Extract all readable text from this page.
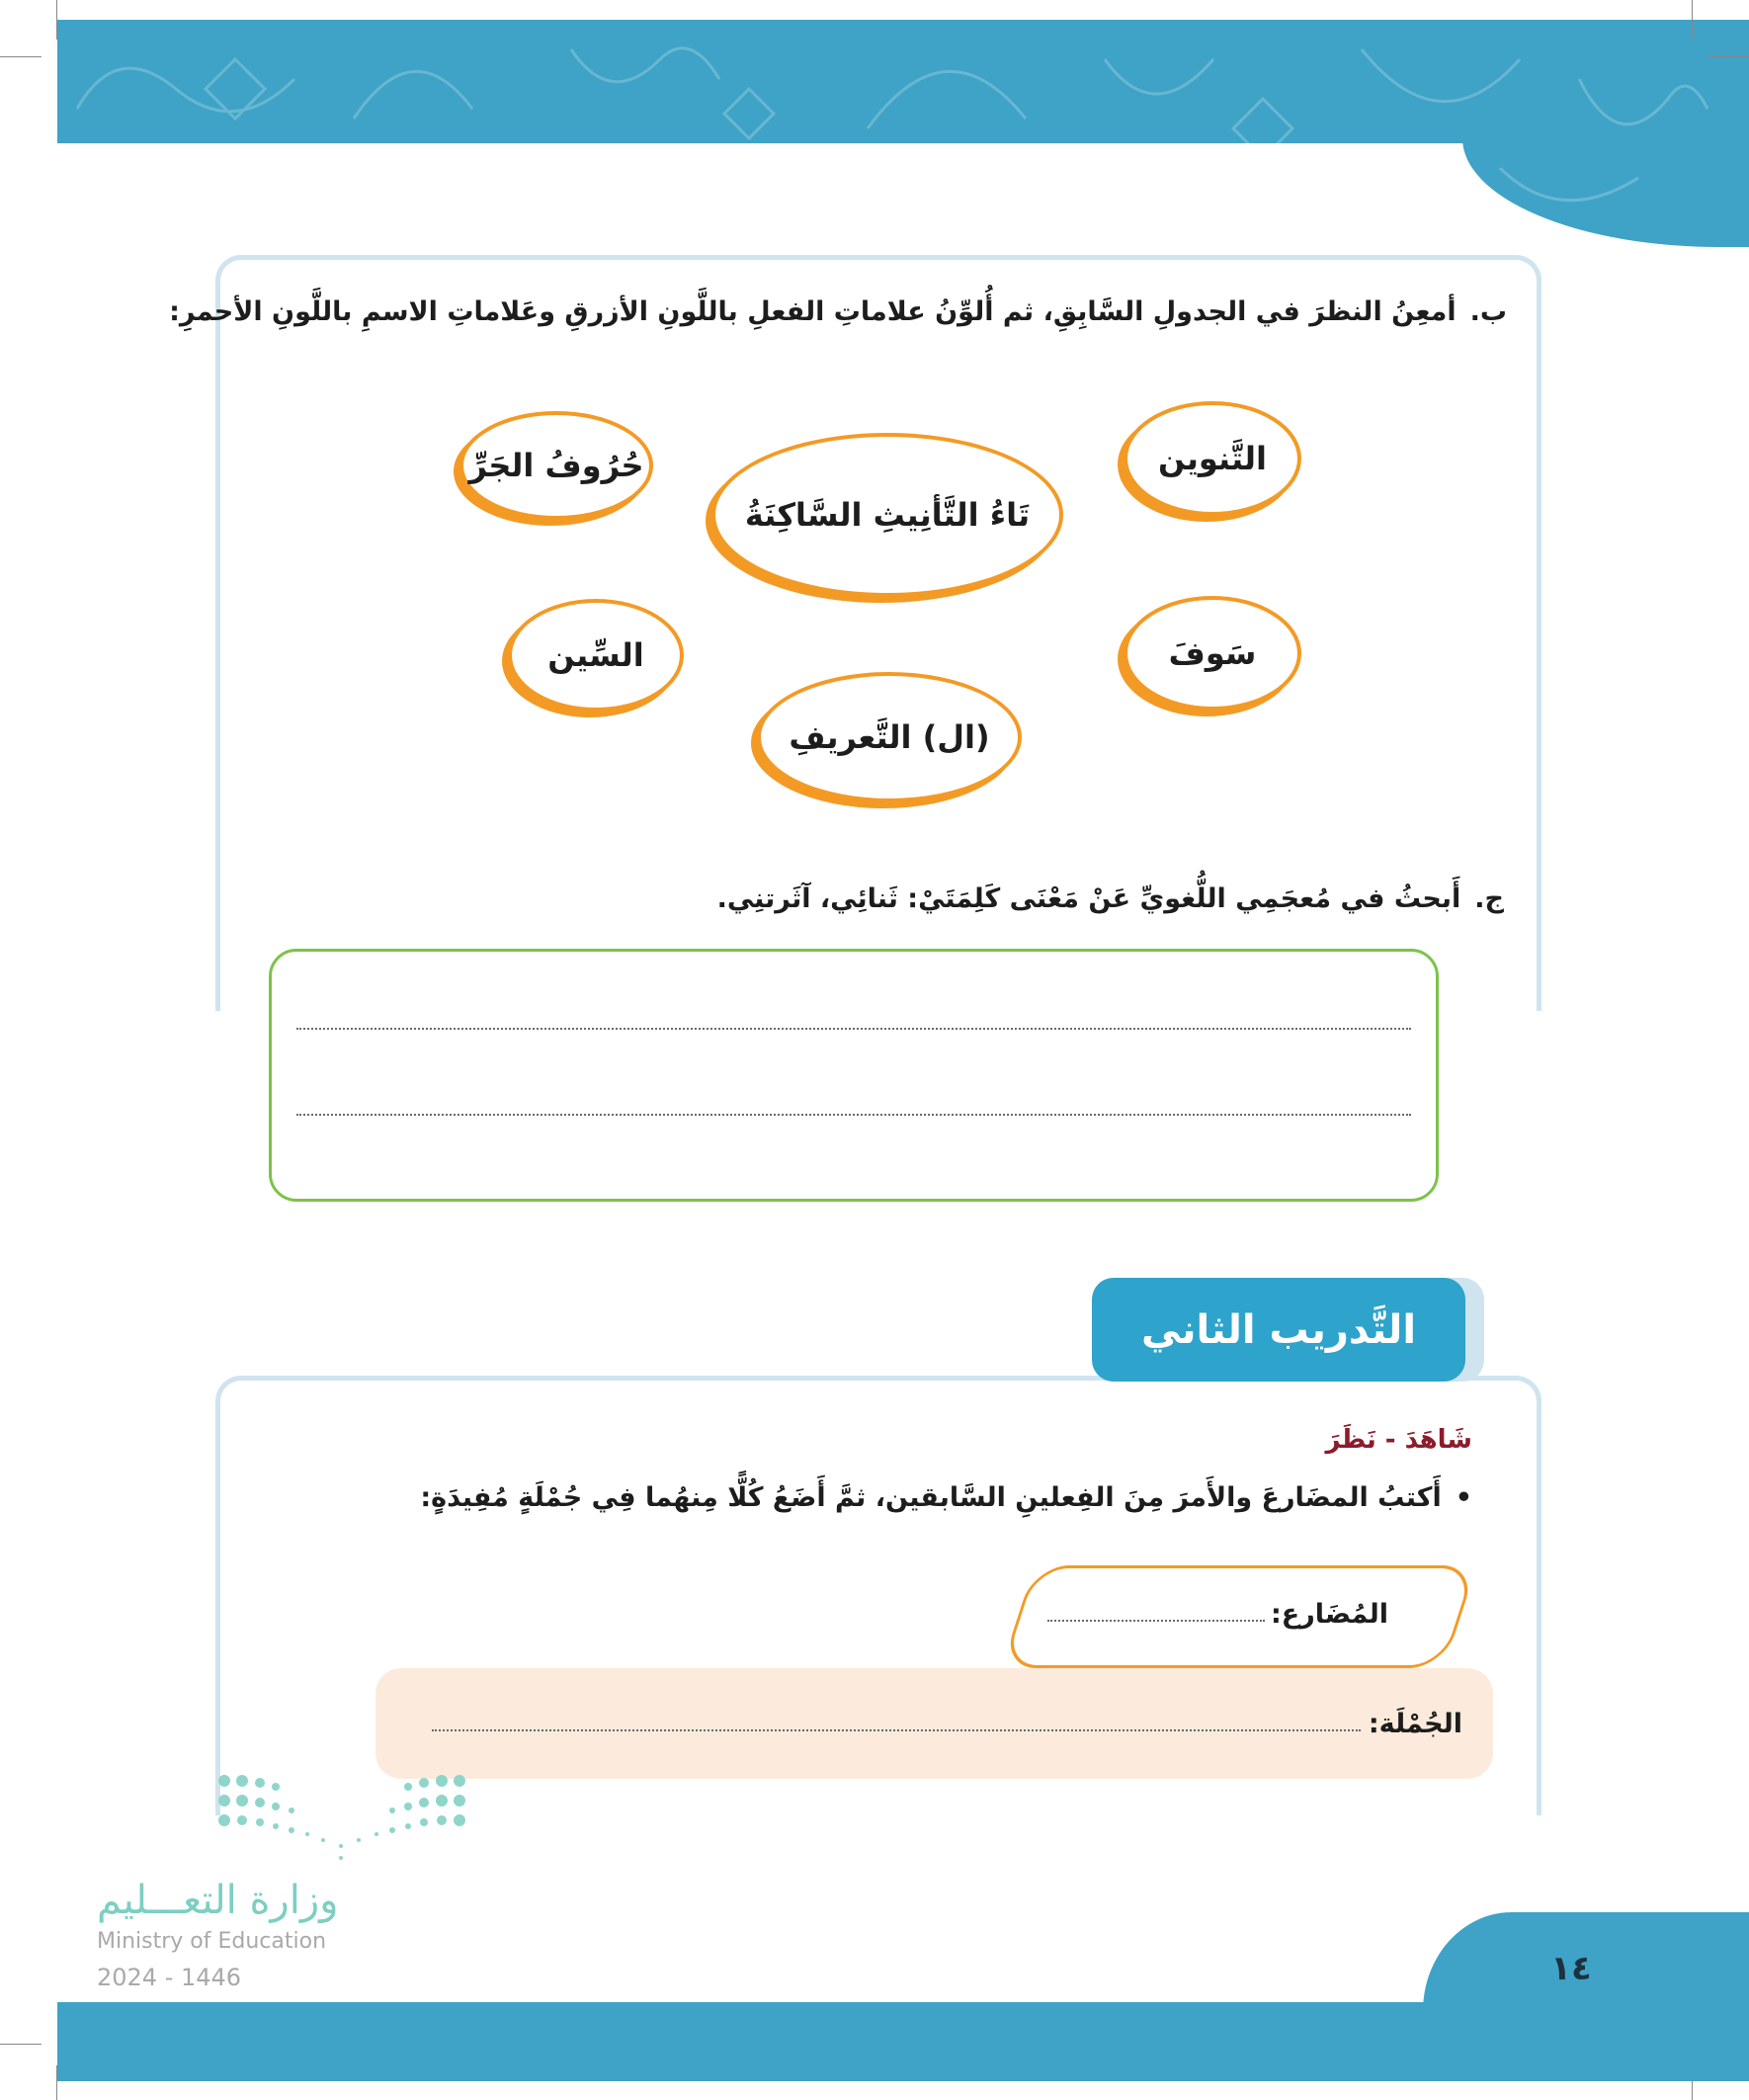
ب.
أمعِنُ النظرَ في الجدولِ السَّابِقِ، ثم أُلوِّنُ علاماتِ الفعلِ باللَّونِ الأزرقِ وعَلاماتِ الاسمِ باللَّونِ الأحمرِ:
التَّنوين
حُرُوفُ الجَرِّ
تَاءُ التَّأنِيثِ السَّاكِنَةُ
سَوفَ
السِّين
(ال) التَّعريفِ
ج.
أَبحثُ في مُعجَمِي اللُّغويِّ عَنْ مَعْنَى كَلِمَتَيْ: ثَنائِي، آثَرتنِي.
التَّدريب الثاني
شَاهَدَ - نَظَرَ
•
أَكتبُ المضَارعَ والأَمرَ مِنَ الفِعلينِ السَّابقين، ثمَّ أَضَعُ كُلًّا مِنهُما فِي جُمْلَةٍ مُفِيدَةٍ:
المُضَارع:
الجُمْلَة:
وزارة التعـــليم
Ministry of Education
2024 - 1446	١٤
